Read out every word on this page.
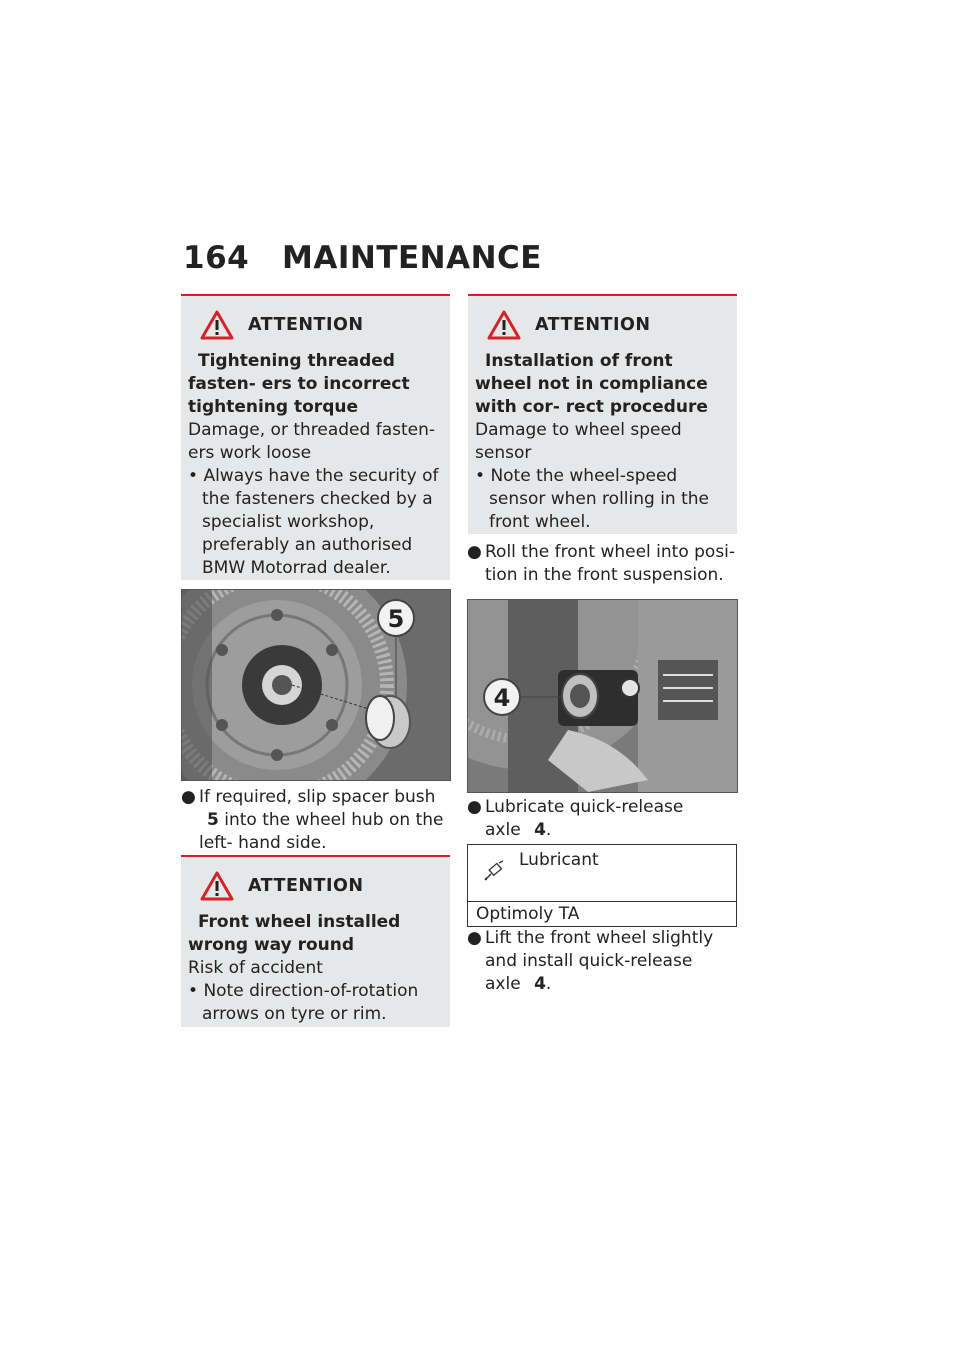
164 MAINTENANCE
ATTENTION
Tightening threaded fasten- ers to incorrect tightening torque
Damage, or threaded fasten- ers work loose
• Always have the security of the fasteners checked by a specialist workshop, preferably an authorised BMW Motorrad dealer.
5
● If required, slip spacer bush 5 into the wheel hub on the left- hand side.
ATTENTION
Front wheel installed wrong way round
Risk of accident
• Note direction-of-rotation arrows on tyre or rim.
ATTENTION
Installation of front wheel not in compliance with cor- rect procedure
Damage to wheel speed sensor
• Note the wheel-speed sensor when rolling in the front wheel.
● Roll the front wheel into posi- tion in the front suspension.
4
● Lubricate quick-release axle 4.
Lubricant
Optimoly TA
● Lift the front wheel slightly and install quick-release axle 4.
